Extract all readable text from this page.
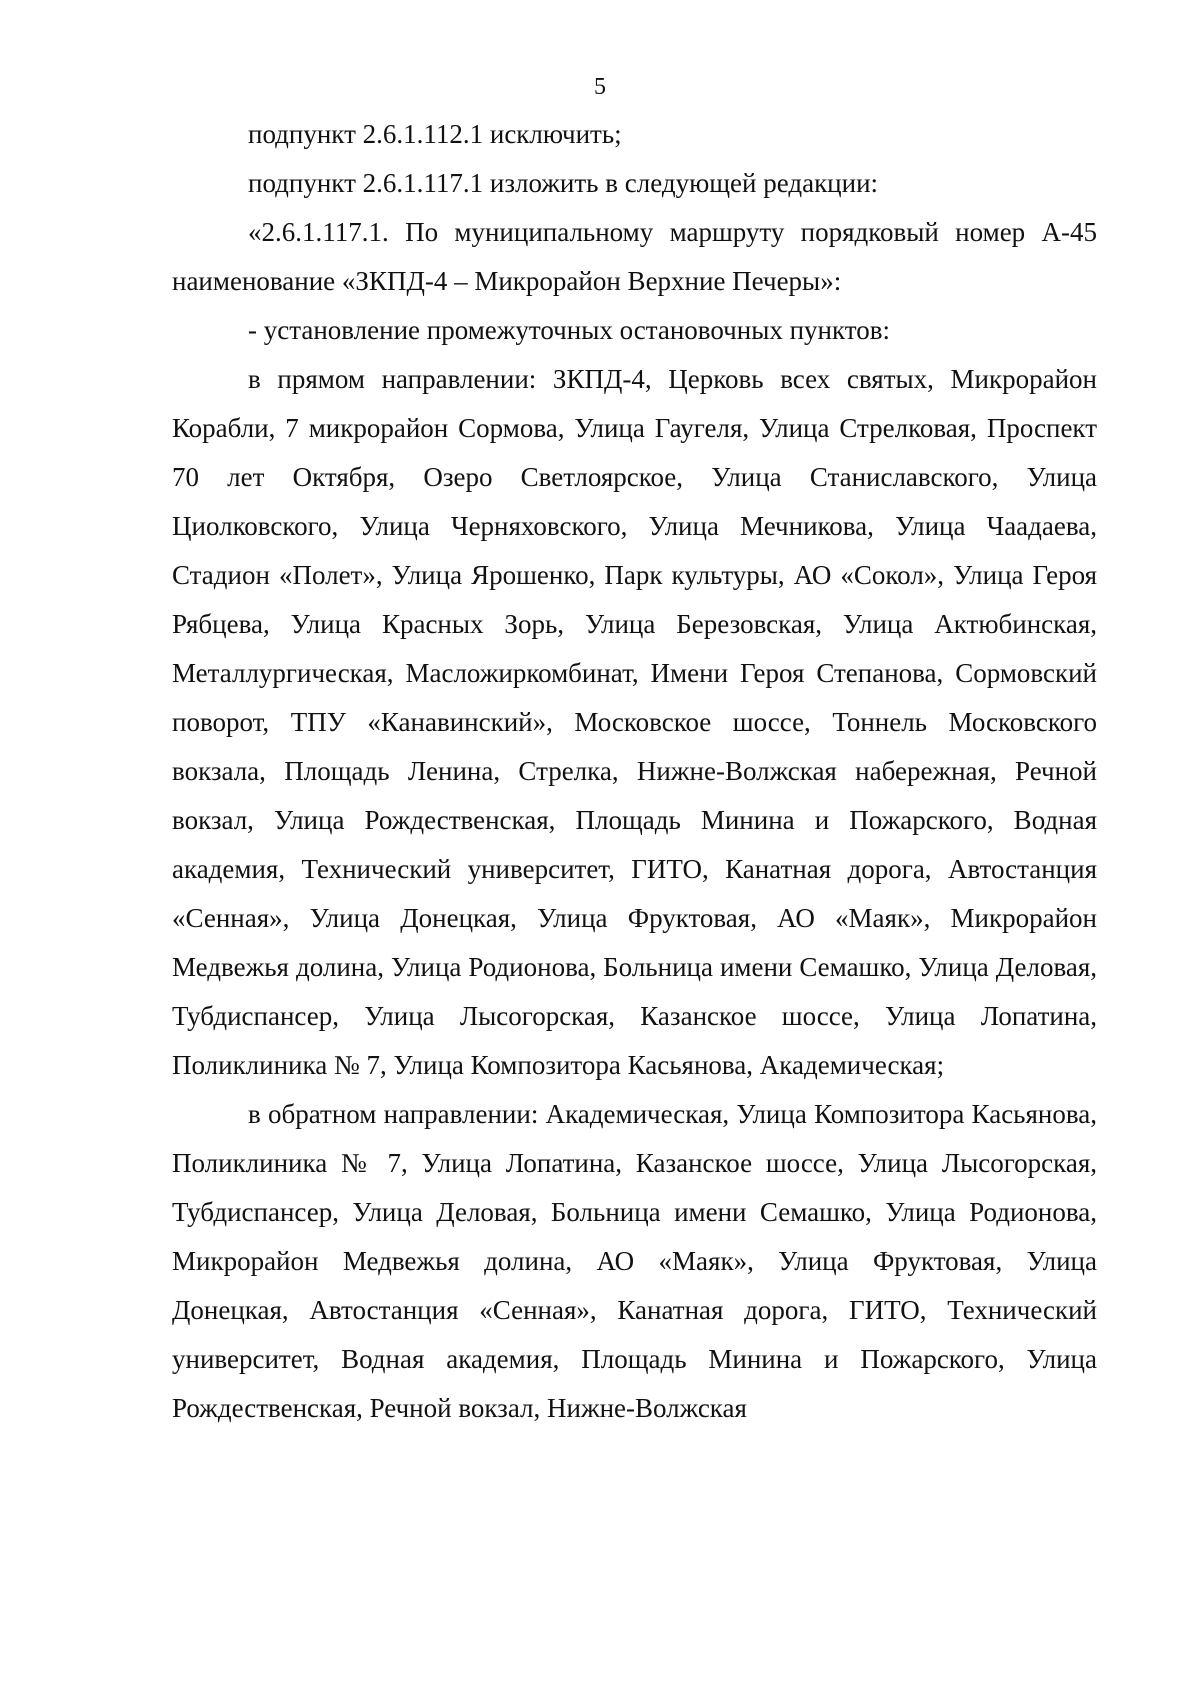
5

подпункт 2.6.1.112.1 исключить;

подпункт 2.6.1.117.1 изложить в следующей редакции:

«2.6.1.117.1. По муниципальному маршруту порядковый номер А-45 наименование «ЗКПД-4 – Микрорайон Верхние Печеры»:

- установление промежуточных остановочных пунктов:

в прямом направлении: ЗКПД-4, Церковь всех святых, Микрорайон Корабли, 7 микрорайон Сормова, Улица Гаугеля, Улица Стрелковая, Проспект 70 лет Октября, Озеро Светлоярское, Улица Станиславского, Улица Циолковского, Улица Черняховского, Улица Мечникова, Улица Чаадаева, Стадион «Полет», Улица Ярошенко, Парк культуры, АО «Сокол», Улица Героя Рябцева, Улица Красных Зорь, Улица Березовская, Улица Актюбинская, Металлургическая, Масложиркомбинат, Имени Героя Степанова, Сормовский поворот, ТПУ «Канавинский», Московское шоссе, Тоннель Московского вокзала, Площадь Ленина, Стрелка, Нижне-Волжская набережная, Речной вокзал, Улица Рождественская, Площадь Минина и Пожарского, Водная академия, Технический университет, ГИТО, Канатная дорога, Автостанция «Сенная», Улица Донецкая, Улица Фруктовая, АО «Маяк», Микрорайон Медвежья долина, Улица Родионова, Больница имени Семашко, Улица Деловая, Тубдиспансер, Улица Лысогорская, Казанское шоссе, Улица Лопатина, Поликлиника № 7, Улица Композитора Касьянова, Академическая;

в обратном направлении: Академическая, Улица Композитора Касьянова, Поликлиника № 7, Улица Лопатина, Казанское шоссе, Улица Лысогорская, Тубдиспансер, Улица Деловая, Больница имени Семашко, Улица Родионова, Микрорайон Медвежья долина, АО «Маяк», Улица Фруктовая, Улица Донецкая, Автостанция «Сенная», Канатная дорога, ГИТО, Технический университет, Водная академия, Площадь Минина и Пожарского, Улица Рождественская, Речной вокзал, Нижне-Волжская
